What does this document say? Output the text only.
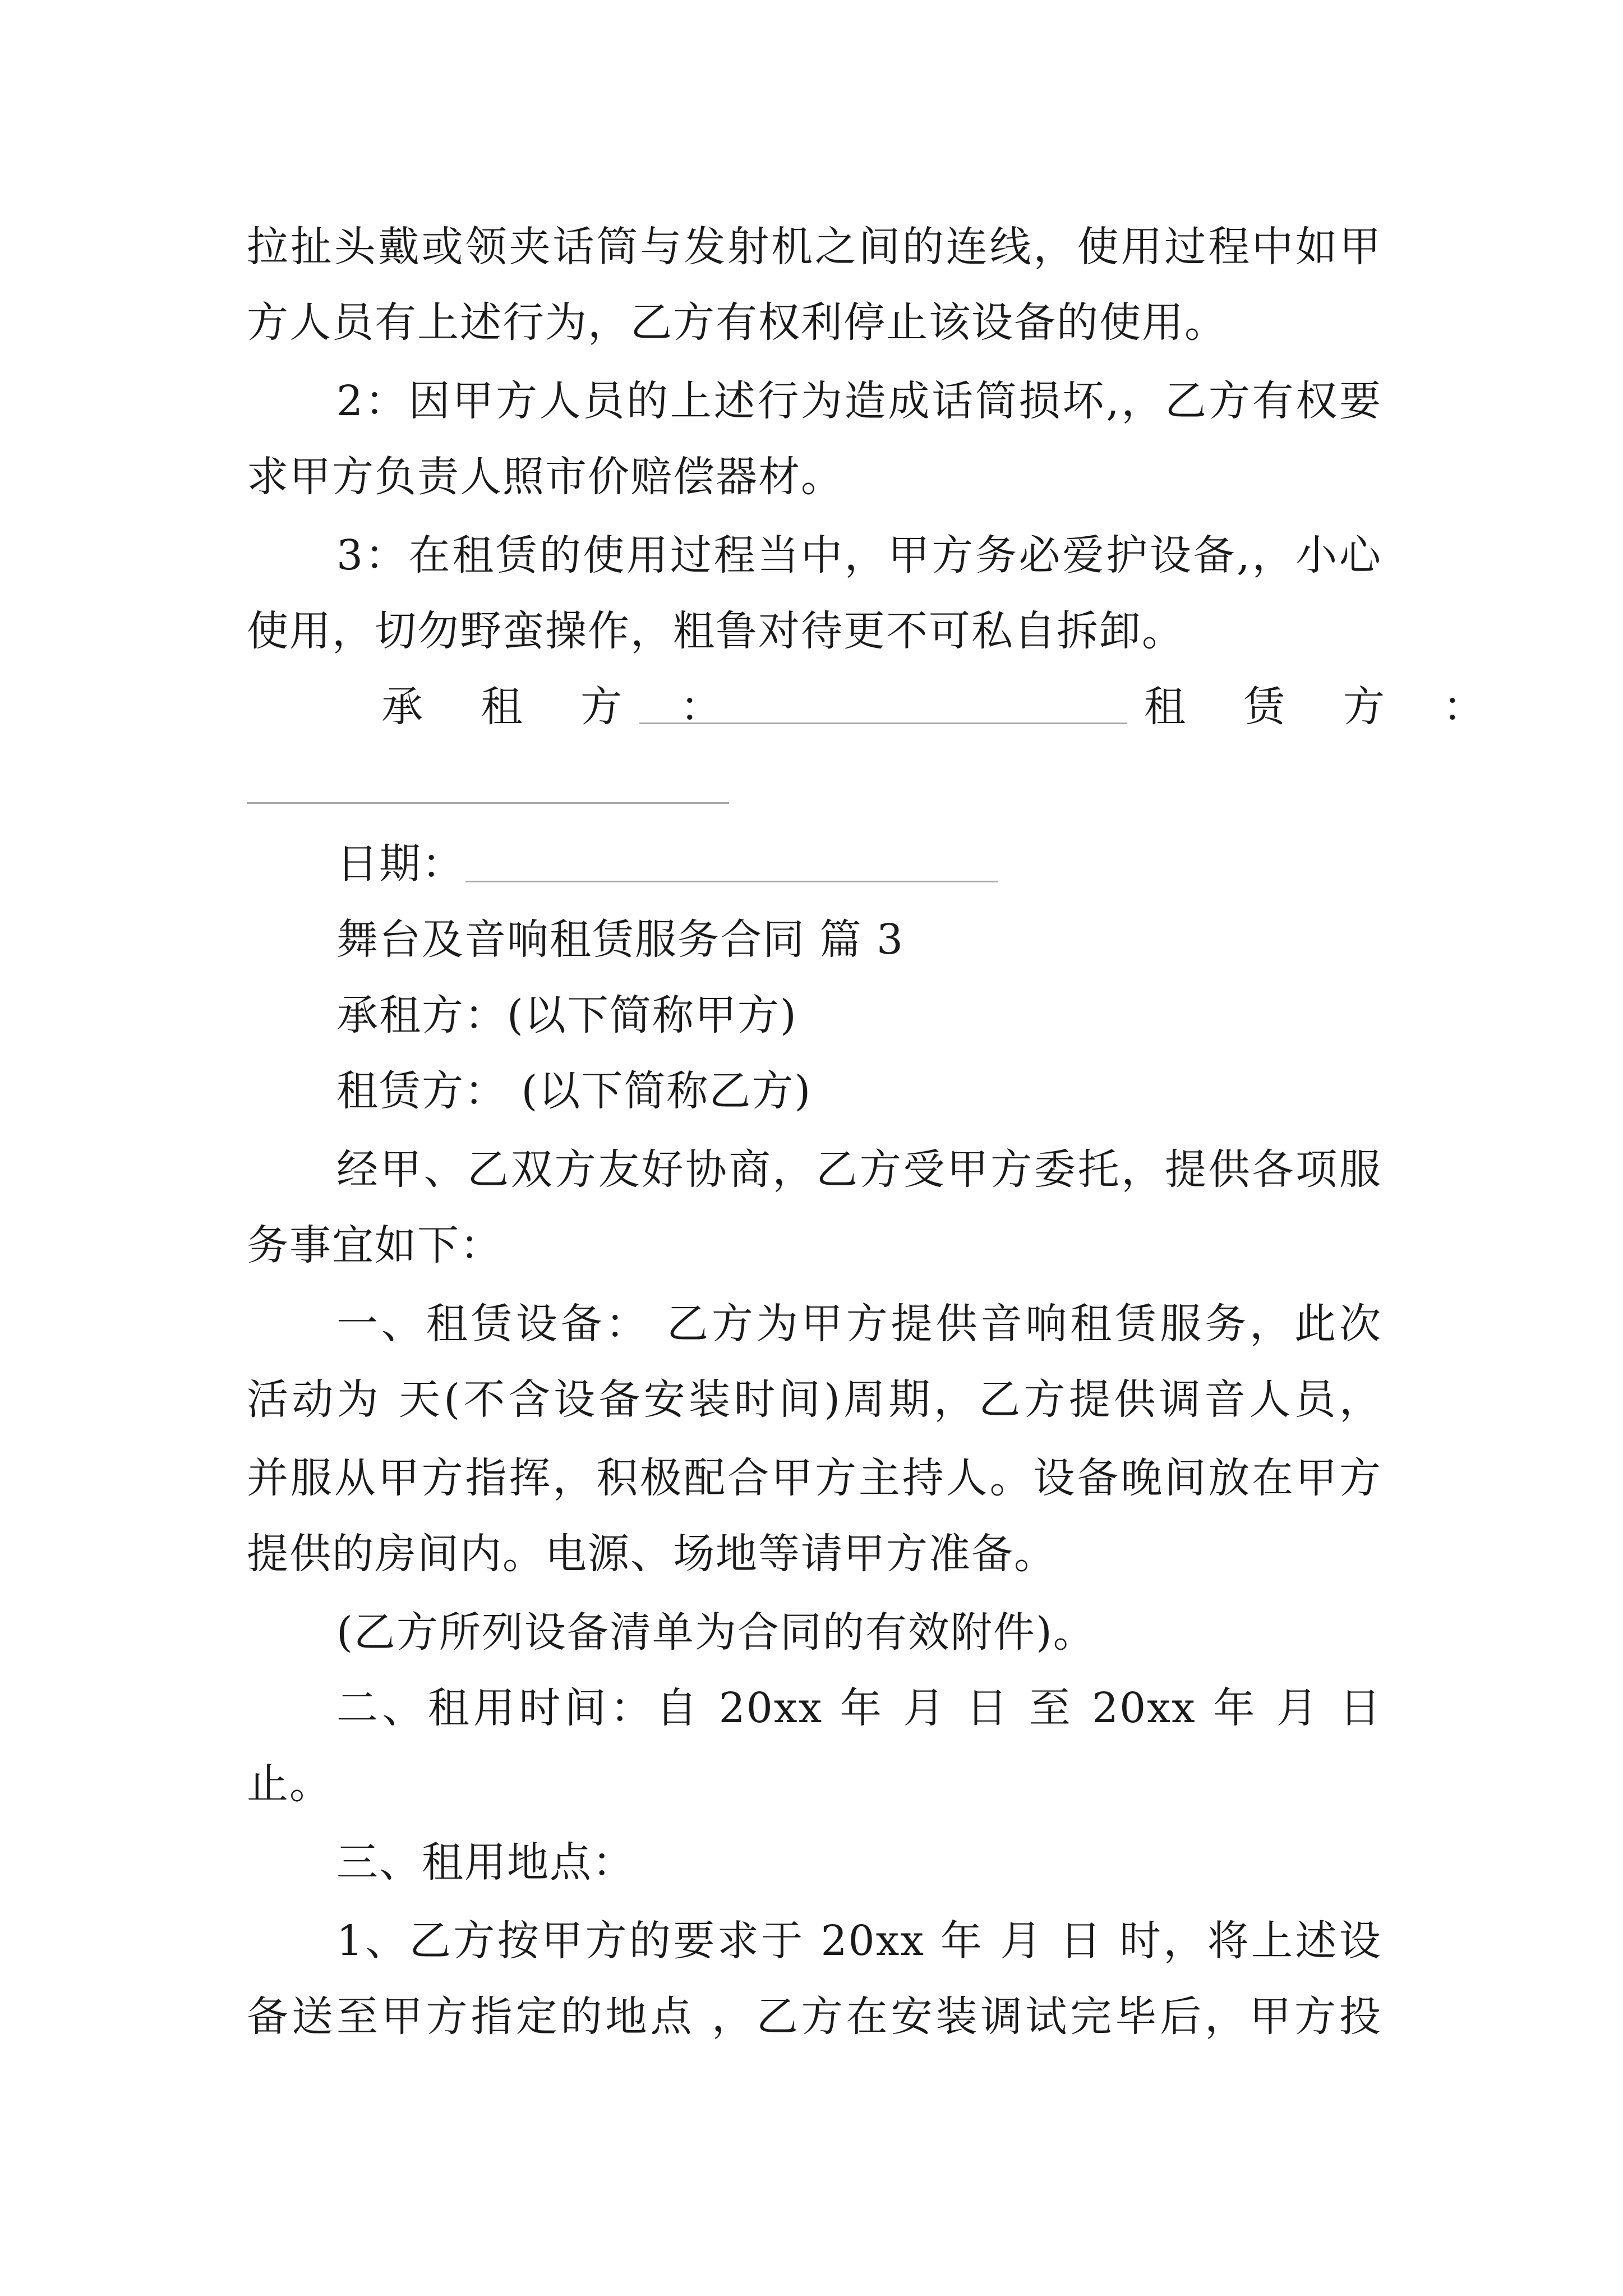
拉扯头戴或领夹话筒与发射机之间的连线，使用过程中如甲
方人员有上述行为，乙方有权利停止该设备的使用。
2：因甲方人员的上述行为造成话筒损坏,，乙方有权要
求甲方负责人照市价赔偿器材。
3：在租赁的使用过程当中，甲方务必爱护设备,，小心
使用，切勿野蛮操作，粗鲁对待更不可私自拆卸。
承 租 方 ：	租 赁 方 ：
日期：
舞台及音响租赁服务合同 篇 3
承租方：(以下简称甲方)
租赁方： (以下简称乙方)
经甲、乙双方友好协商，乙方受甲方委托，提供各项服
务事宜如下：
一、租赁设备： 乙方为甲方提供音响租赁服务，此次
活动为 天(不含设备安装时间)周期，乙方提供调音人员，
并服从甲方指挥，积极配合甲方主持人。设备晚间放在甲方
提供的房间内。电源、场地等请甲方准备。
(乙方所列设备清单为合同的有效附件)。
二、租用时间：自 20xx 年 月 日 至 20xx 年 月 日
止。
三、租用地点：
1、乙方按甲方的要求于 20xx 年 月 日 时，将上述设
备送至甲方指定的地点 ，乙方在安装调试完毕后，甲方投
